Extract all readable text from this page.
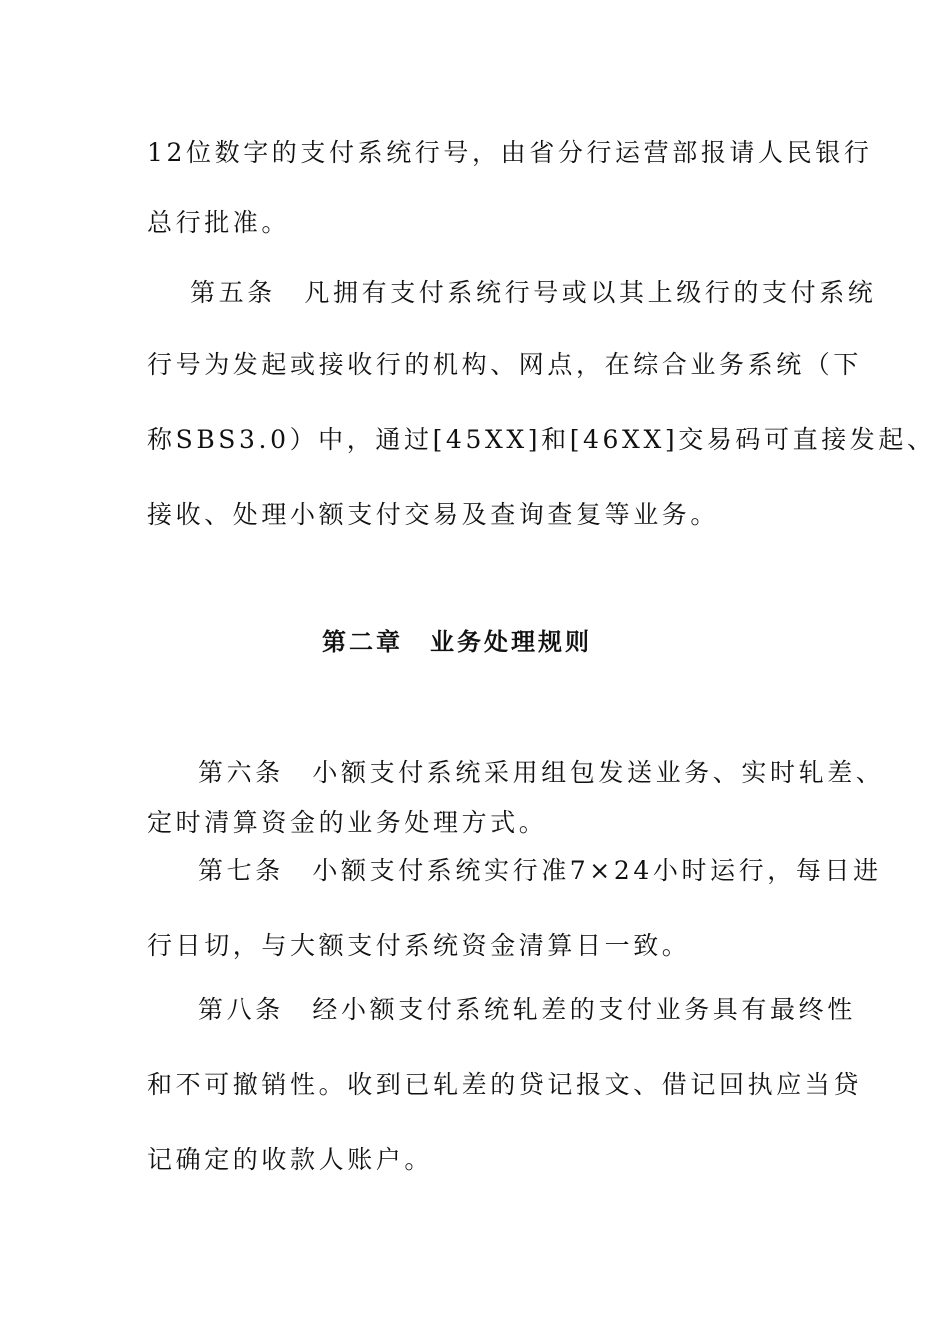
12位数字的支付系统行号，由省分行运营部报请人民银行
总行批准。
第五条　凡拥有支付系统行号或以其上级行的支付系统
行号为发起或接收行的机构、网点，在综合业务系统（下
称SBS3.0）中，通过[45XX]和[46XX]交易码可直接发起、
接收、处理小额支付交易及查询查复等业务。
第二章　业务处理规则
第六条　小额支付系统采用组包发送业务、实时轧差、
定时清算资金的业务处理方式。
第七条　小额支付系统实行准7×24小时运行，每日进
行日切，与大额支付系统资金清算日一致。
第八条　经小额支付系统轧差的支付业务具有最终性
和不可撤销性。收到已轧差的贷记报文、借记回执应当贷
记确定的收款人账户。
